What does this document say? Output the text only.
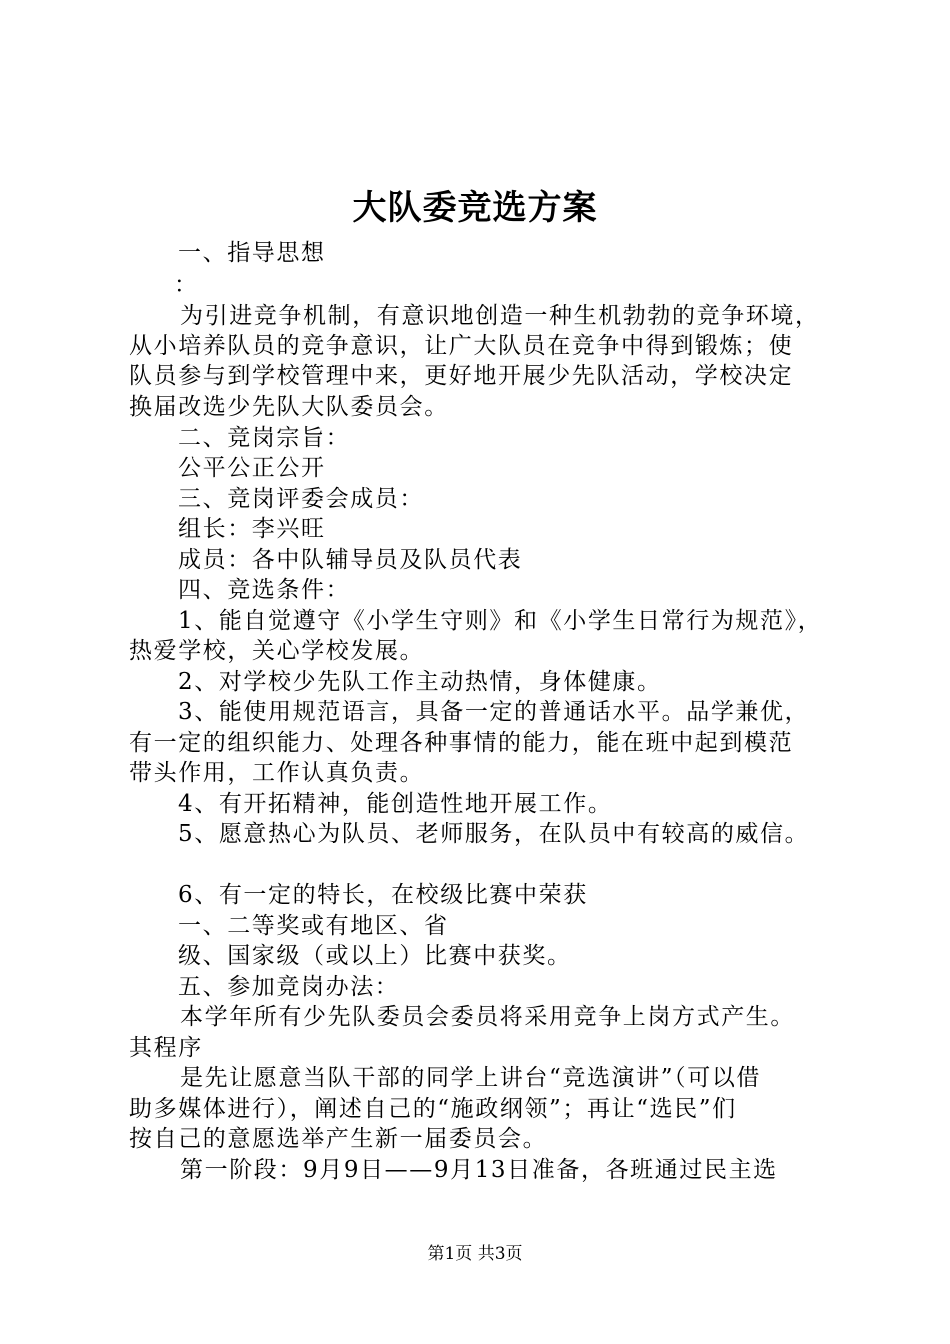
大队委竞选方案
一、指导思想
：
为引进竞争机制，有意识地创造一种生机勃勃的竞争环境，
从小培养队员的竞争意识，让广大队员在竞争中得到锻炼；使
队员参与到学校管理中来，更好地开展少先队活动，学校决定
换届改选少先队大队委员会。
二、竞岗宗旨：
公平公正公开
三、竞岗评委会成员：
组长：李兴旺
成员：各中队辅导员及队员代表
四、竞选条件：
1、能自觉遵守《小学生守则》和《小学生日常行为规范》，
热爱学校，关心学校发展。
2、对学校少先队工作主动热情，身体健康。
3、能使用规范语言，具备一定的普通话水平。品学兼优，
有一定的组织能力、处理各种事情的能力，能在班中起到模范
带头作用，工作认真负责。
4、有开拓精神，能创造性地开展工作。
5、愿意热心为队员、老师服务，在队员中有较高的威信。
6、有一定的特长，在校级比赛中荣获
一、二等奖或有地区、省
级、国家级（或以上）比赛中获奖。
五、参加竞岗办法：
本学年所有少先队委员会委员将采用竞争上岗方式产生。
其程序
是先让愿意当队干部的同学上讲台“竞选演讲”（可以借
助多媒体进行），阐述自己的“施政纲领”；再让“选民”们
按自己的意愿选举产生新一届委员会。
第一阶段：9月9日——9月13日准备，各班通过民主选
第1页 共3页
